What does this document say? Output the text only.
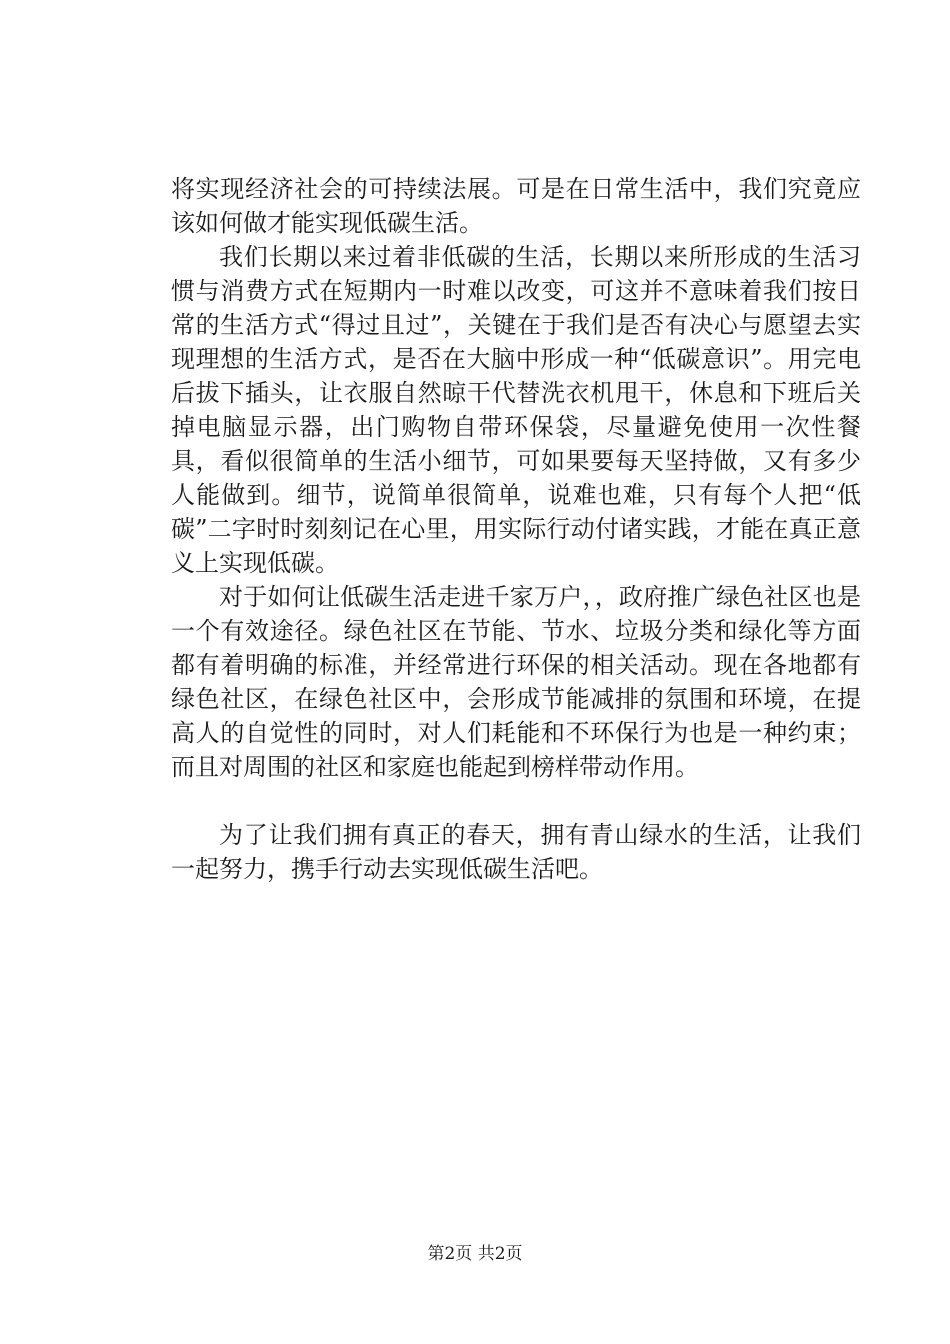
将实现经济社会的可持续法展。可是在日常生活中，我们究竟应该如何做才能实现低碳生活。

我们长期以来过着非低碳的生活，长期以来所形成的生活习惯与消费方式在短期内一时难以改变，可这并不意味着我们按日常的生活方式“得过且过”，关键在于我们是否有决心与愿望去实现理想的生活方式，是否在大脑中形成一种“低碳意识”。用完电后拔下插头，让衣服自然晾干代替洗衣机甩干，休息和下班后关掉电脑显示器，出门购物自带环保袋，尽量避免使用一次性餐具，看似很简单的生活小细节，可如果要每天坚持做，又有多少人能做到。细节，说简单很简单，说难也难，只有每个人把“低碳”二字时时刻刻记在心里，用实际行动付诸实践，才能在真正意义上实现低碳。

对于如何让低碳生活走进千家万户，，政府推广绿色社区也是一个有效途径。绿色社区在节能、节水、垃圾分类和绿化等方面都有着明确的标准，并经常进行环保的相关活动。现在各地都有绿色社区，在绿色社区中，会形成节能减排的氛围和环境，在提高人的自觉性的同时，对人们耗能和不环保行为也是一种约束；而且对周围的社区和家庭也能起到榜样带动作用。

为了让我们拥有真正的春天，拥有青山绿水的生活，让我们一起努力，携手行动去实现低碳生活吧。

第2页 共2页
